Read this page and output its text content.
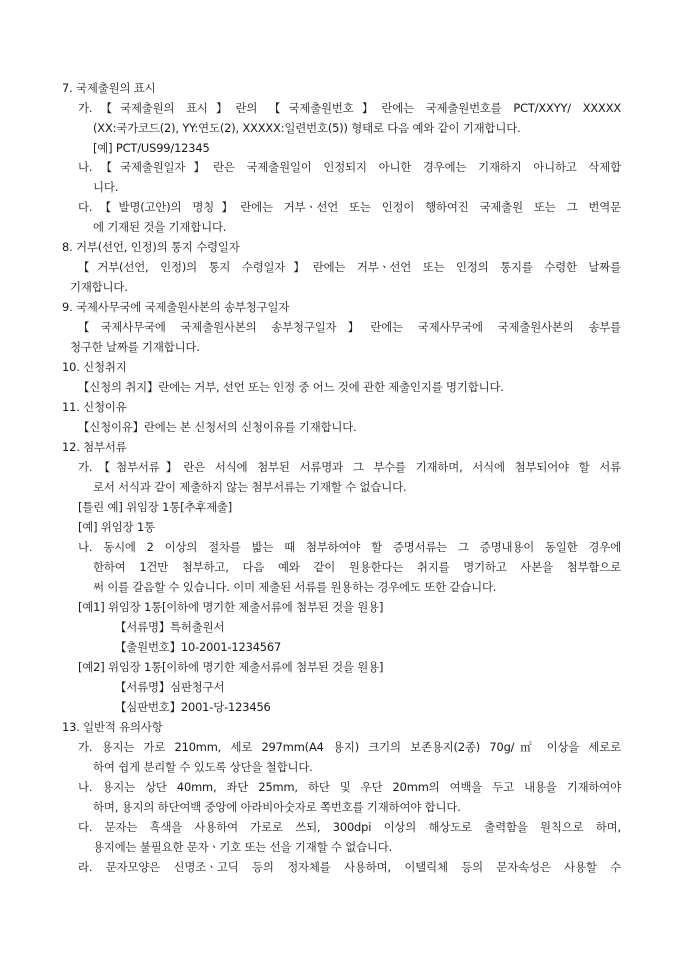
7. 국제출원의 표시
가.【국제출원의 표시】란의 【국제출원번호】란에는 국제출원번호를 PCT/XXYY/ XXXXX
(XX:국가코드(2), YY:연도(2), XXXXX:일련번호(5)) 형태로 다음 예와 같이 기재합니다.
[예] PCT/US99/12345
나.【국제출원일자】란은 국제출원일이 인정되지 아니한 경우에는 기재하지 아니하고 삭제합
니다.
다.【발명(고안)의 명칭】란에는 거부ㆍ선언 또는 인정이 행하여진 국제출원 또는 그 번역문
에 기재된 것을 기재합니다.
8. 거부(선언, 인정)의 통지 수령일자
【거부(선언, 인정)의 통지 수령일자】란에는 거부ㆍ선언 또는 인정의 통지를 수령한 날짜를
기재합니다.
9. 국제사무국에 국제출원사본의 송부청구일자
【국제사무국에 국제출원사본의 송부청구일자】란에는 국제사무국에 국제출원사본의 송부를
청구한 날짜를 기재합니다.
10. 신청취지
【신청의 취지】란에는 거부, 선언 또는 인정 중 어느 것에 관한 제출인지를 명기합니다.
11. 신청이유
【신청이유】란에는 본 신청서의 신청이유를 기재합니다.
12. 첨부서류
가.【첨부서류】란은 서식에 첨부된 서류명과 그 부수를 기재하며, 서식에 첨부되어야 할 서류
로서 서식과 같이 제출하지 않는 첨부서류는 기재할 수 없습니다.
[틀린 예] 위임장 1통[추후제출]
[예] 위임장 1통
나. 동시에 2 이상의 절차를 밟는 때 첨부하여야 할 증명서류는 그 증명내용이 동일한 경우에
한하여 1건만 첨부하고, 다음 예와 같이 원용한다는 취지를 명기하고 사본을 첨부함으로
써 이를 갈음할 수 있습니다. 이미 제출된 서류를 원용하는 경우에도 또한 같습니다.
[예1] 위임장 1통[이하에 명기한 제출서류에 첨부된 것을 원용]
【서류명】특허출원서
【출원번호】10-2001-1234567
[예2] 위임장 1통[이하에 명기한 제출서류에 첨부된 것을 원용]
【서류명】심판청구서
【심판번호】2001-당-123456
13. 일반적 유의사항
가. 용지는 가로 210mm, 세로 297mm(A4 용지) 크기의 보존용지(2종) 70g/㎡ 이상을 세로로
하여 쉽게 분리할 수 있도록 상단을 철합니다.
나. 용지는 상단 40mm, 좌단 25mm, 하단 및 우단 20mm의 여백을 두고 내용을 기재하여야
하며, 용지의 하단여백 중앙에 아라비아숫자로 쪽번호를 기재하여야 합니다.
다. 문자는 흑색을 사용하여 가로로 쓰되, 300dpi 이상의 해상도로 출력함을 원칙으로 하며,
용지에는 불필요한 문자ㆍ기호 또는 선을 기재할 수 없습니다.
라. 문자모양은 신명조ㆍ고딕 등의 정자체를 사용하며, 이탤릭체 등의 문자속성은 사용할 수
